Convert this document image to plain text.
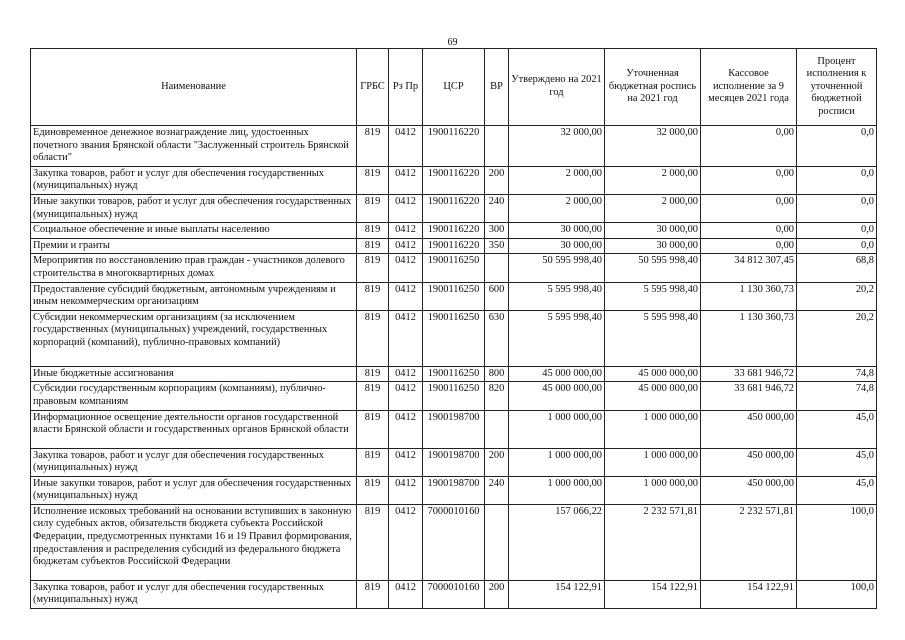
69
Наименование	ГРБС	Рз Пр	ЦСР	ВР	Утверждено на 2021 год	Уточненная бюджетная роспись на 2021 год	Кассовое исполнение за 9 месяцев 2021 года	Процент исполнения к уточненной бюджетной росписи
Единовременное денежное вознаграждение лиц, удостоенных почетного звания Брянской области "Заслуженный строитель Брянской области"	819	0412	1900116220		32 000,00	32 000,00	0,00	0,0
Закупка товаров, работ и услуг для обеспечения государственных (муниципальных) нужд	819	0412	1900116220	200	2 000,00	2 000,00	0,00	0,0
Иные закупки товаров, работ и услуг для обеспечения государственных (муниципальных) нужд	819	0412	1900116220	240	2 000,00	2 000,00	0,00	0,0
Социальное обеспечение и иные выплаты населению	819	0412	1900116220	300	30 000,00	30 000,00	0,00	0,0
Премии и гранты	819	0412	1900116220	350	30 000,00	30 000,00	0,00	0,0
Мероприятия по восстановлению прав граждан - участников долевого строительства в многоквартирных домах	819	0412	1900116250		50 595 998,40	50 595 998,40	34 812 307,45	68,8
Предоставление субсидий бюджетным, автономным учреждениям и иным некоммерческим организациям	819	0412	1900116250	600	5 595 998,40	5 595 998,40	1 130 360,73	20,2
Субсидии некоммерческим организациям (за исключением государственных (муниципальных) учреждений, государственных корпораций (компаний), публично-правовых компаний)	819	0412	1900116250	630	5 595 998,40	5 595 998,40	1 130 360,73	20,2
Иные бюджетные ассигнования	819	0412	1900116250	800	45 000 000,00	45 000 000,00	33 681 946,72	74,8
Субсидии государственным корпорациям (компаниям), публично-правовым компаниям	819	0412	1900116250	820	45 000 000,00	45 000 000,00	33 681 946,72	74,8
Информационное освещение деятельности органов государственной власти Брянской области и государственных органов Брянской области	819	0412	1900198700		1 000 000,00	1 000 000,00	450 000,00	45,0
Закупка товаров, работ и услуг для обеспечения государственных (муниципальных) нужд	819	0412	1900198700	200	1 000 000,00	1 000 000,00	450 000,00	45,0
Иные закупки товаров, работ и услуг для обеспечения государственных (муниципальных) нужд	819	0412	1900198700	240	1 000 000,00	1 000 000,00	450 000,00	45,0
Исполнение исковых требований на основании вступивших в законную силу судебных актов, обязательств бюджета субъекта Российской Федерации, предусмотренных пунктами 16 и 19 Правил формирования, предоставления и распределения субсидий из федерального бюджета бюджетам субъектов Российской Федерации	819	0412	7000010160		157 066,22	2 232 571,81	2 232 571,81	100,0
Закупка товаров, работ и услуг для обеспечения государственных (муниципальных) нужд	819	0412	7000010160	200	154 122,91	154 122,91	154 122,91	100,0
